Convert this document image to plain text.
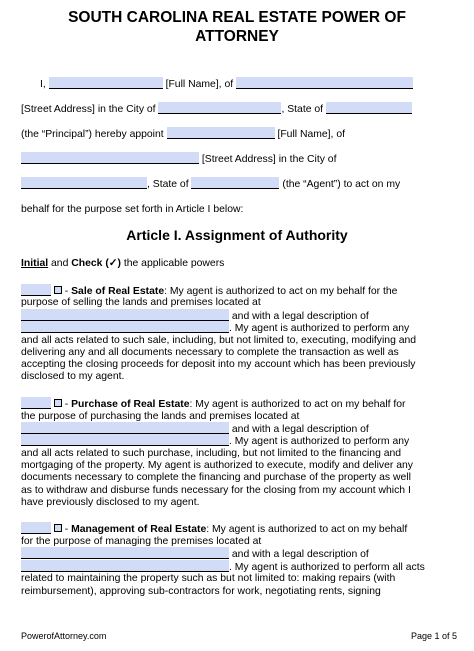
SOUTH CAROLINA REAL ESTATE POWER OF
ATTORNEY
I,	[Full Name], of
[Street Address] in the City of	, State of
(the “Principal”) hereby appoint	[Full Name], of
[Street Address] in the City of
, State of	(the “Agent”) to act on my
behalf for the purpose set forth in Article I below:
Article I. Assignment of Authority
Initial and Check (✓) the applicable powers
- Sale of Real Estate: My agent is authorized to act on my behalf for the
purpose of selling the lands and premises located at
and with a legal description of
. My agent is authorized to perform any
and all acts related to such sale, including, but not limited to, executing, modifying and
delivering any and all documents necessary to complete the transaction as well as
accepting the closing proceeds for deposit into my account which has been previously
disclosed to my agent.
- Purchase of Real Estate: My agent is authorized to act on my behalf for
the purpose of purchasing the lands and premises located at
and with a legal description of
. My agent is authorized to perform any
and all acts related to such purchase, including, but not limited to the financing and
mortgaging of the property. My agent is authorized to execute, modify and deliver any
documents necessary to complete the financing and purchase of the property as well
as to withdraw and disburse funds necessary for the closing from my account which I
have previously disclosed to my agent.
- Management of Real Estate: My agent is authorized to act on my behalf
for the purpose of managing the premises located at
and with a legal description of
. My agent is authorized to perform all acts
related to maintaining the property such as but not limited to: making repairs (with
reimbursement), approving sub-contractors for work, negotiating rents, signing
PowerofAttorney.com	Page 1 of 5
